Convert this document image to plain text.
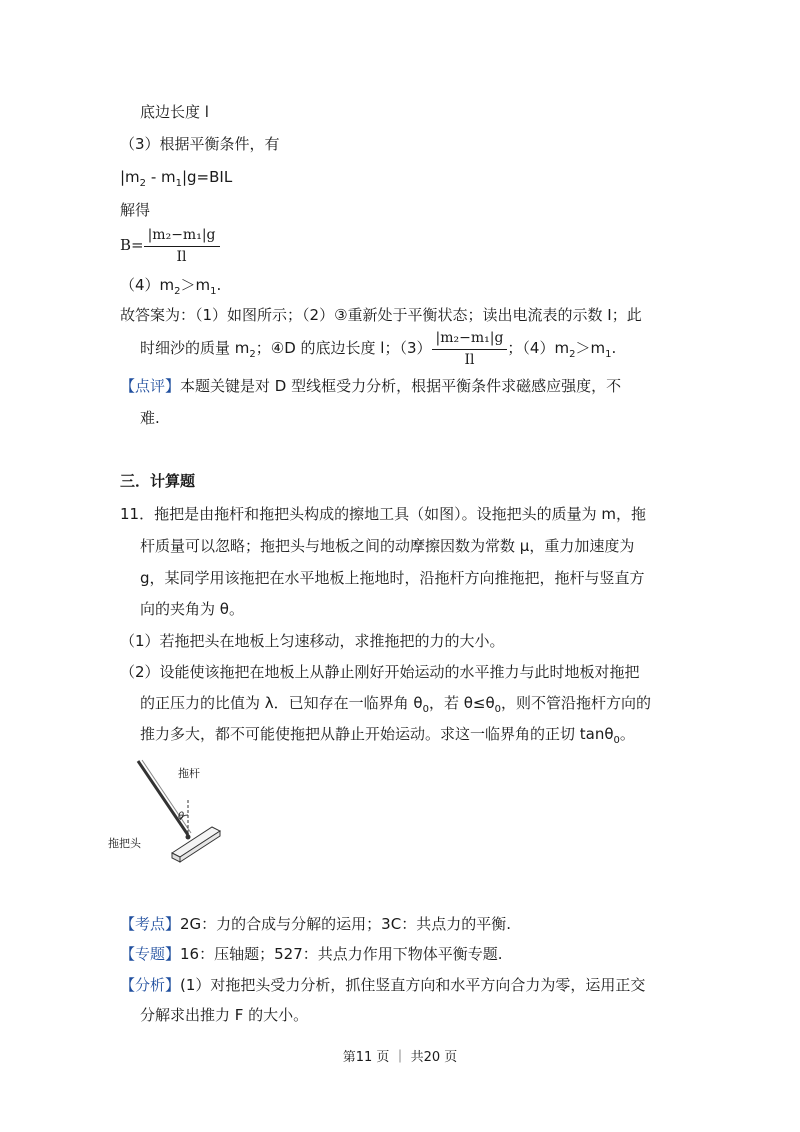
底边长度 l
（3）根据平衡条件，有
$|m_2 - m_1|g=BIL$
解得
$B= \frac{\text{|m₂−m₁|g}}{Il}$
$(4)m_2>m_1$.
故答案为：（1）如图所示；（2）③重新处于平衡状态；读出电流表的示数 I；此
时细沙的质量 $m_2$；④D 的底边长度 l；$(3) \frac{\text{|m₂−m₁|g}}{Il}$ ；$(4)m_2>m_1$.
【点评】本题关键是对 D 型线框受力分析，根据平衡条件求磁感应强度，不
难.
三．计算题
11．拖把是由拖杆和拖把头构成的擦地工具（如图）。设拖把头的质量为 m，拖
杆质量可以忽略；拖把头与地板之间的动摩擦因数为常数 μ，重力加速度为
g，某同学用该拖把在水平地板上拖地时，沿拖杆方向推拖把，拖杆与竖直方
向的夹角为 θ。
（1）若拖把头在地板上匀速移动，求推拖把的力的大小。
（2）设能使该拖把在地板上从静止刚好开始运动的水平推力与此时地板对拖把
的正压力的比值为 λ．已知存在一临界角 $\theta_0$，若 $\theta\le\theta_0$，则不管沿拖杆方向的
推力多大，都不可能使拖把从静止开始运动。求这一临界角的正切 tanθ$_0$。
拖杆
θ
拖把头
【考点】2G：力的合成与分解的运用；3C：共点力的平衡.
【专题】16：压轴题；527：共点力作用下物体平衡专题.
【分析】(1）对拖把头受力分析，抓住竖直方向和水平方向合力为零，运用正交
分解求出推力 F 的大小。
第11 页 ｜ 共20 页
